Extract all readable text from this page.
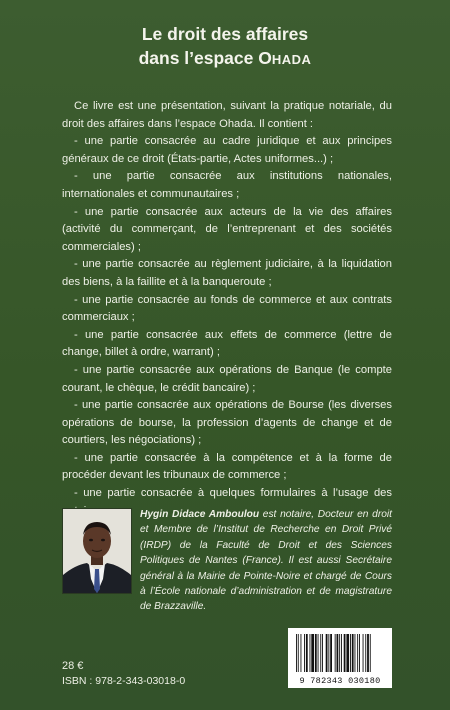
Le droit des affaires
dans l’espace OHADA

Ce livre est une présentation, suivant la pratique notariale, du droit des affaires dans l’espace Ohada. Il contient :

- une partie consacrée au cadre juridique et aux principes généraux de ce droit (États-partie, Actes uniformes...) ;

- une partie consacrée aux institutions nationales, internationales et communautaires ;

- une partie consacrée aux acteurs de la vie des affaires (activité du commerçant, de l’entreprenant et des sociétés commerciales) ;

- une partie consacrée au règlement judiciaire, à la liquidation des biens, à la faillite et à la banqueroute ;

- une partie consacrée au fonds de commerce et aux contrats commerciaux ;

- une partie consacrée aux effets de commerce (lettre de change, billet à ordre, warrant) ;

- une partie consacrée aux opérations de Banque (le compte courant, le chèque, le crédit bancaire) ;

- une partie consacrée aux opérations de Bourse (les diverses opérations de bourse, la profession d’agents de change et de courtiers, les négociations) ;

- une partie consacrée à la compétence et à la forme de procéder devant les tribunaux de commerce ;

- une partie consacrée à quelques formulaires à l’usage des

Hygin Didace Amboulou est notaire, Docteur en droit et Membre de l’Institut de Recherche en Droit Privé (IRDP) de la Faculté de Droit et des Sciences Politiques de Nantes (France). Il est aussi Secrétaire général à la Mairie de Pointe-Noire et chargé de Cours à l’École nationale d’administration et de magistrature de Brazzaville.
28 €
ISBN : 978-2-343-03018-0	9 782343 030180
